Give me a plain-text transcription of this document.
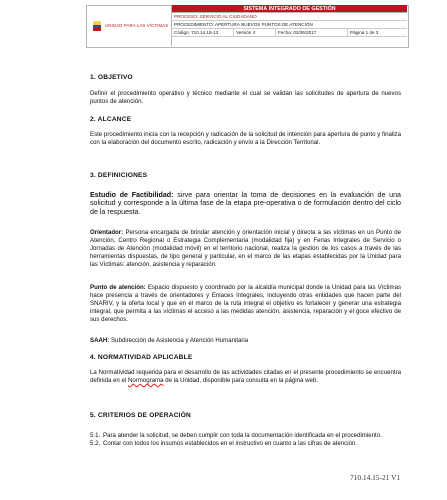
UNIDAD PARA LAS VÍCTIMAS
SISTEMA INTEGRADO DE GESTIÓN
PROCESO: SERVICIO AL CIUDADANO
PROCEDIMIENTO: APERTURA NUEVOS PUNTOS DE ATENCIÓN
Código: 710.14.15-13	Versión 4	Fecha: 02/06/2017	Página 1 de 3
1. OBJETIVO
Definir el procedimiento operativo y técnico mediante el cual se validan las solicitudes de apertura de nuevos puntos de atención.
2. ALCANCE
Este procedimiento inicia con la recepción y radicación de la solicitud de intención para apertura de punto y finaliza con la elaboración del documento escrito, radicación y envío a la Dirección Territorial.
3. DEFINICIONES
Estudio de Factibilidad: sirve para orientar la toma de decisiones en la evaluación de una solicitud y corresponde a la última fase de la etapa pre-operativa o de formulación dentro del ciclo de la respuesta.
Orientador: Persona encargada de brindar atención y orientación inicial y directa a las víctimas en un Punto de Atención, Centro Regional o Estrategia Complementaria (modalidad fija) y en Ferias Integrales de Servicio o Jornadas de Atención (modalidad móvil) en el territorio nacional, realiza la gestión de los casos a través de las herramientas dispuestas, de tipo general y particular, en el marco de las etapas establecidas por la Unidad para las Víctimas: atención, asistencia y reparación.
Punto de atención: Espacio dispuesto y coordinado por la alcaldía municipal donde la Unidad para las Víctimas hace presencia a través de orientadores y Enlaces Integrales, incluyendo otras entidades que hacen parte del SNARIV, y la oferta local y que en el marco de la ruta integral el objetivo es fortalecer y generar una estrategia integral, que permita a las víctimas el acceso a las medidas atención, asistencia, reparación y el goce efectivo de sus derechos.
SAAH: Subdirección de Asistencia y Atención Humanitaria
4. NORMATIVIDAD APLICABLE
La Normatividad requerida para el desarrollo de las actividades citadas en el presente procedimiento se encuentra definida en el Normograma de la Unidad, disponible para consulta en la página web.
5. CRITERIOS DE OPERACIÓN
5.1. Para atender la solicitud, se deben cumplir con toda la documentación identificada en el procedimiento.
5.2. Contar con todos los insumos establecidos en el instructivo en cuanto a las cifras de atención.
710.14.15-21 V1
